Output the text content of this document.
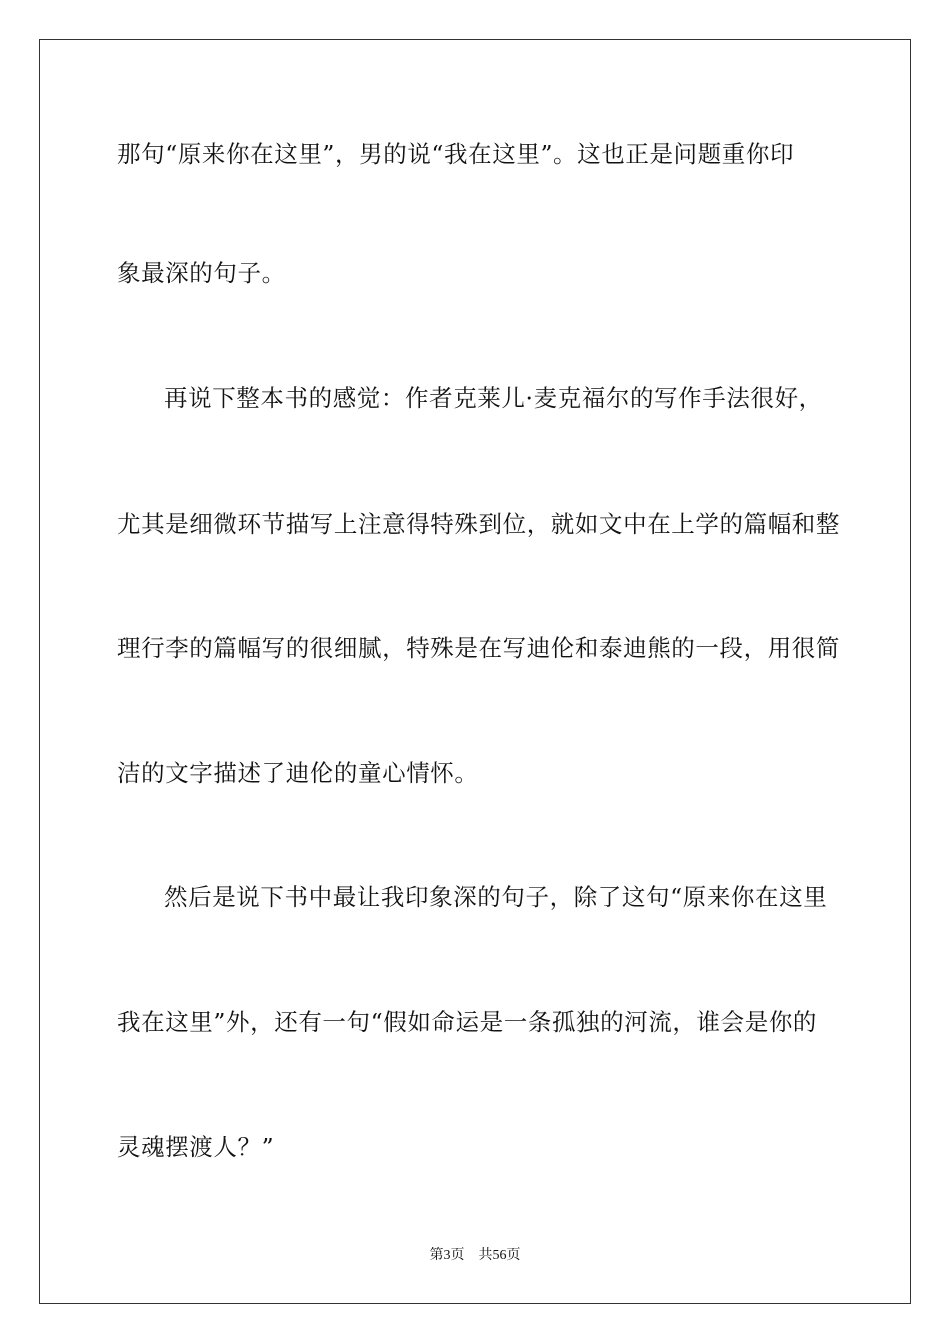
那句“原来你在这里”，男的说“我在这里”。这也正是问题重你印
象最深的句子。
再说下整本书的感觉：作者克莱儿·麦克福尔的写作手法很好，
尤其是细微环节描写上注意得特殊到位，就如文中在上学的篇幅和整
理行李的篇幅写的很细腻，特殊是在写迪伦和泰迪熊的一段，用很简
洁的文字描述了迪伦的童心情怀。
然后是说下书中最让我印象深的句子，除了这句“原来你在这里
我在这里”外，还有一句“假如命运是一条孤独的河流，谁会是你的
灵魂摆渡人？”
第3页　共56页
